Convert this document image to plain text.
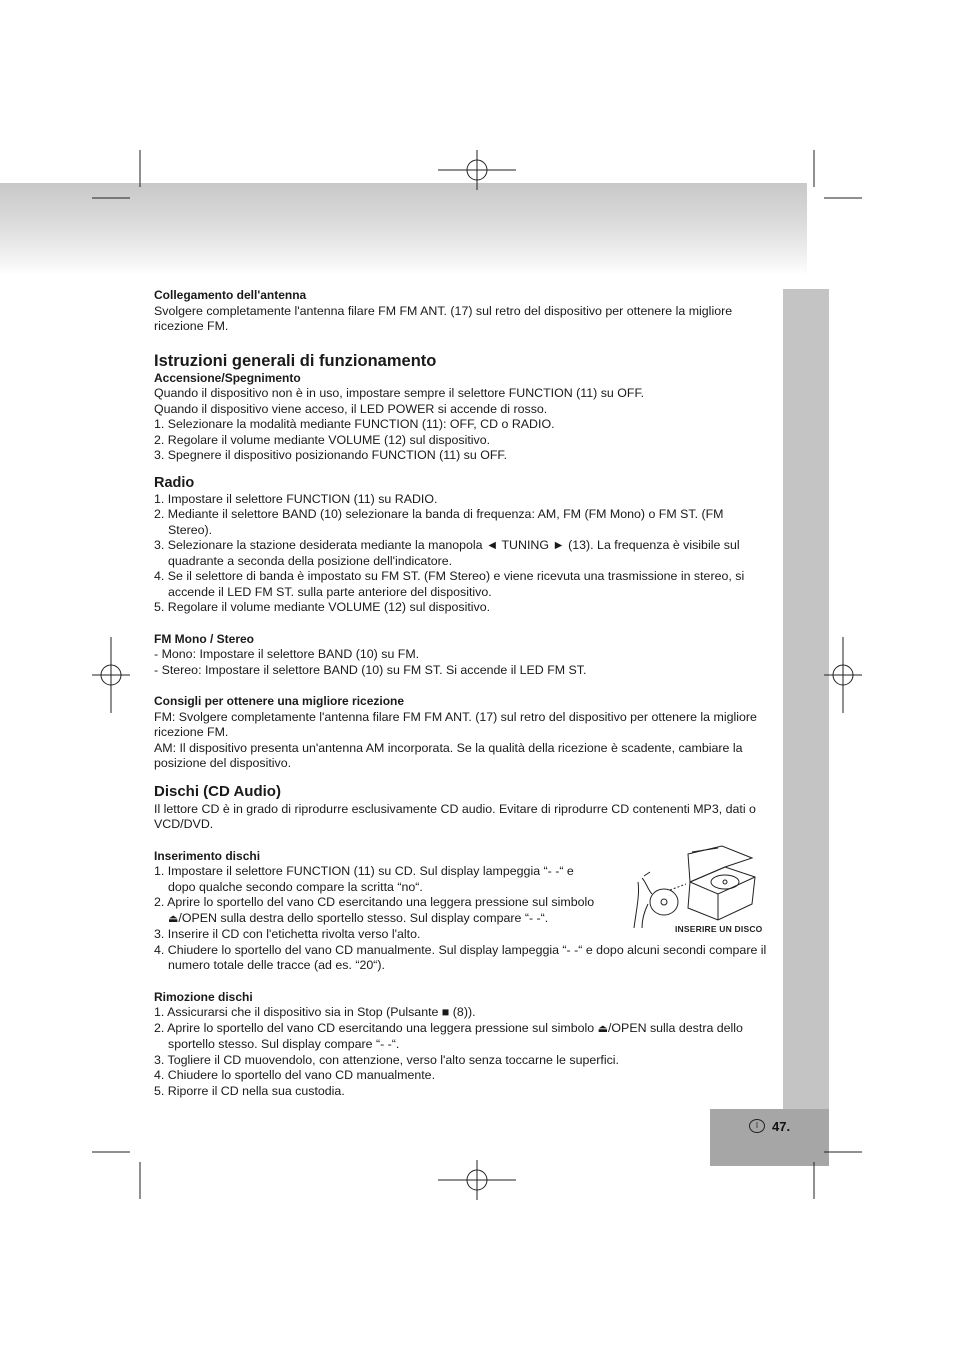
I	47.

Collegamento dell'antenna

Svolgere completamente l'antenna filare FM FM ANT. (17) sul retro del dispositivo per ottenere la migliore ricezione FM.

Istruzioni generali di funzionamento

Accensione/Spegnimento

Quando il dispositivo non è in uso, impostare sempre il selettore FUNCTION (11) su OFF.

Quando il dispositivo viene acceso, il LED POWER si accende di rosso.

1. Selezionare la modalità mediante FUNCTION (11): OFF, CD o RADIO.

2. Regolare il volume mediante VOLUME (12) sul dispositivo.

3. Spegnere il dispositivo posizionando FUNCTION (11) su OFF.

Radio

1. Impostare il selettore FUNCTION (11) su RADIO.

2. Mediante il selettore BAND (10) selezionare la banda di frequenza: AM, FM (FM Mono) o FM ST. (FM Stereo).

3. Selezionare la stazione desiderata mediante la manopola ◄ TUNING ► (13). La frequenza è visibile sul quadrante a seconda della posizione dell'indicatore.

4. Se il selettore di banda è impostato su FM ST. (FM Stereo) e viene ricevuta una trasmissione in stereo, si accende il LED FM ST. sulla parte anteriore del dispositivo.

5. Regolare il volume mediante VOLUME (12) sul dispositivo.

FM Mono / Stereo

- Mono: Impostare il selettore BAND (10) su FM.

- Stereo: Impostare il selettore BAND (10) su FM ST. Si accende il LED FM ST.

Consigli per ottenere una migliore ricezione

FM: Svolgere completamente l'antenna filare FM FM ANT. (17) sul retro del dispositivo per ottenere la migliore ricezione FM.

AM: Il dispositivo presenta un'antenna AM incorporata. Se la qualità della ricezione è scadente, cambiare la posizione del dispositivo.

Dischi (CD Audio)

Il lettore CD è in grado di riprodurre esclusivamente CD audio. Evitare di riprodurre CD contenenti MP3, dati o VCD/DVD.

Inserimento dischi

1. Impostare il selettore FUNCTION (11) su CD. Sul display lampeggia “- -“ e dopo qualche secondo compare la scritta “no“.

2. Aprire lo sportello del vano CD esercitando una leggera pressione sul simbolo ⏏/OPEN sulla destra dello sportello stesso. Sul display compare “- -“.

3. Inserire il CD con l'etichetta rivolta verso l'alto.

4. Chiudere lo sportello del vano CD manualmente. Sul display lampeggia “- -“ e dopo alcuni secondi compare il numero totale delle tracce (ad es. “20“).

Rimozione dischi

1. Assicurarsi che il dispositivo sia in Stop (Pulsante ■ (8)).

2. Aprire lo sportello del vano CD esercitando una leggera pressione sul simbolo ⏏/OPEN sulla destra dello sportello stesso. Sul display compare “- -“.

3. Togliere il CD muovendolo, con attenzione, verso l'alto senza toccarne le superfici.

4. Chiudere lo sportello del vano CD manualmente.

5. Riporre il CD nella sua custodia.

INSERIRE UN DISCO
